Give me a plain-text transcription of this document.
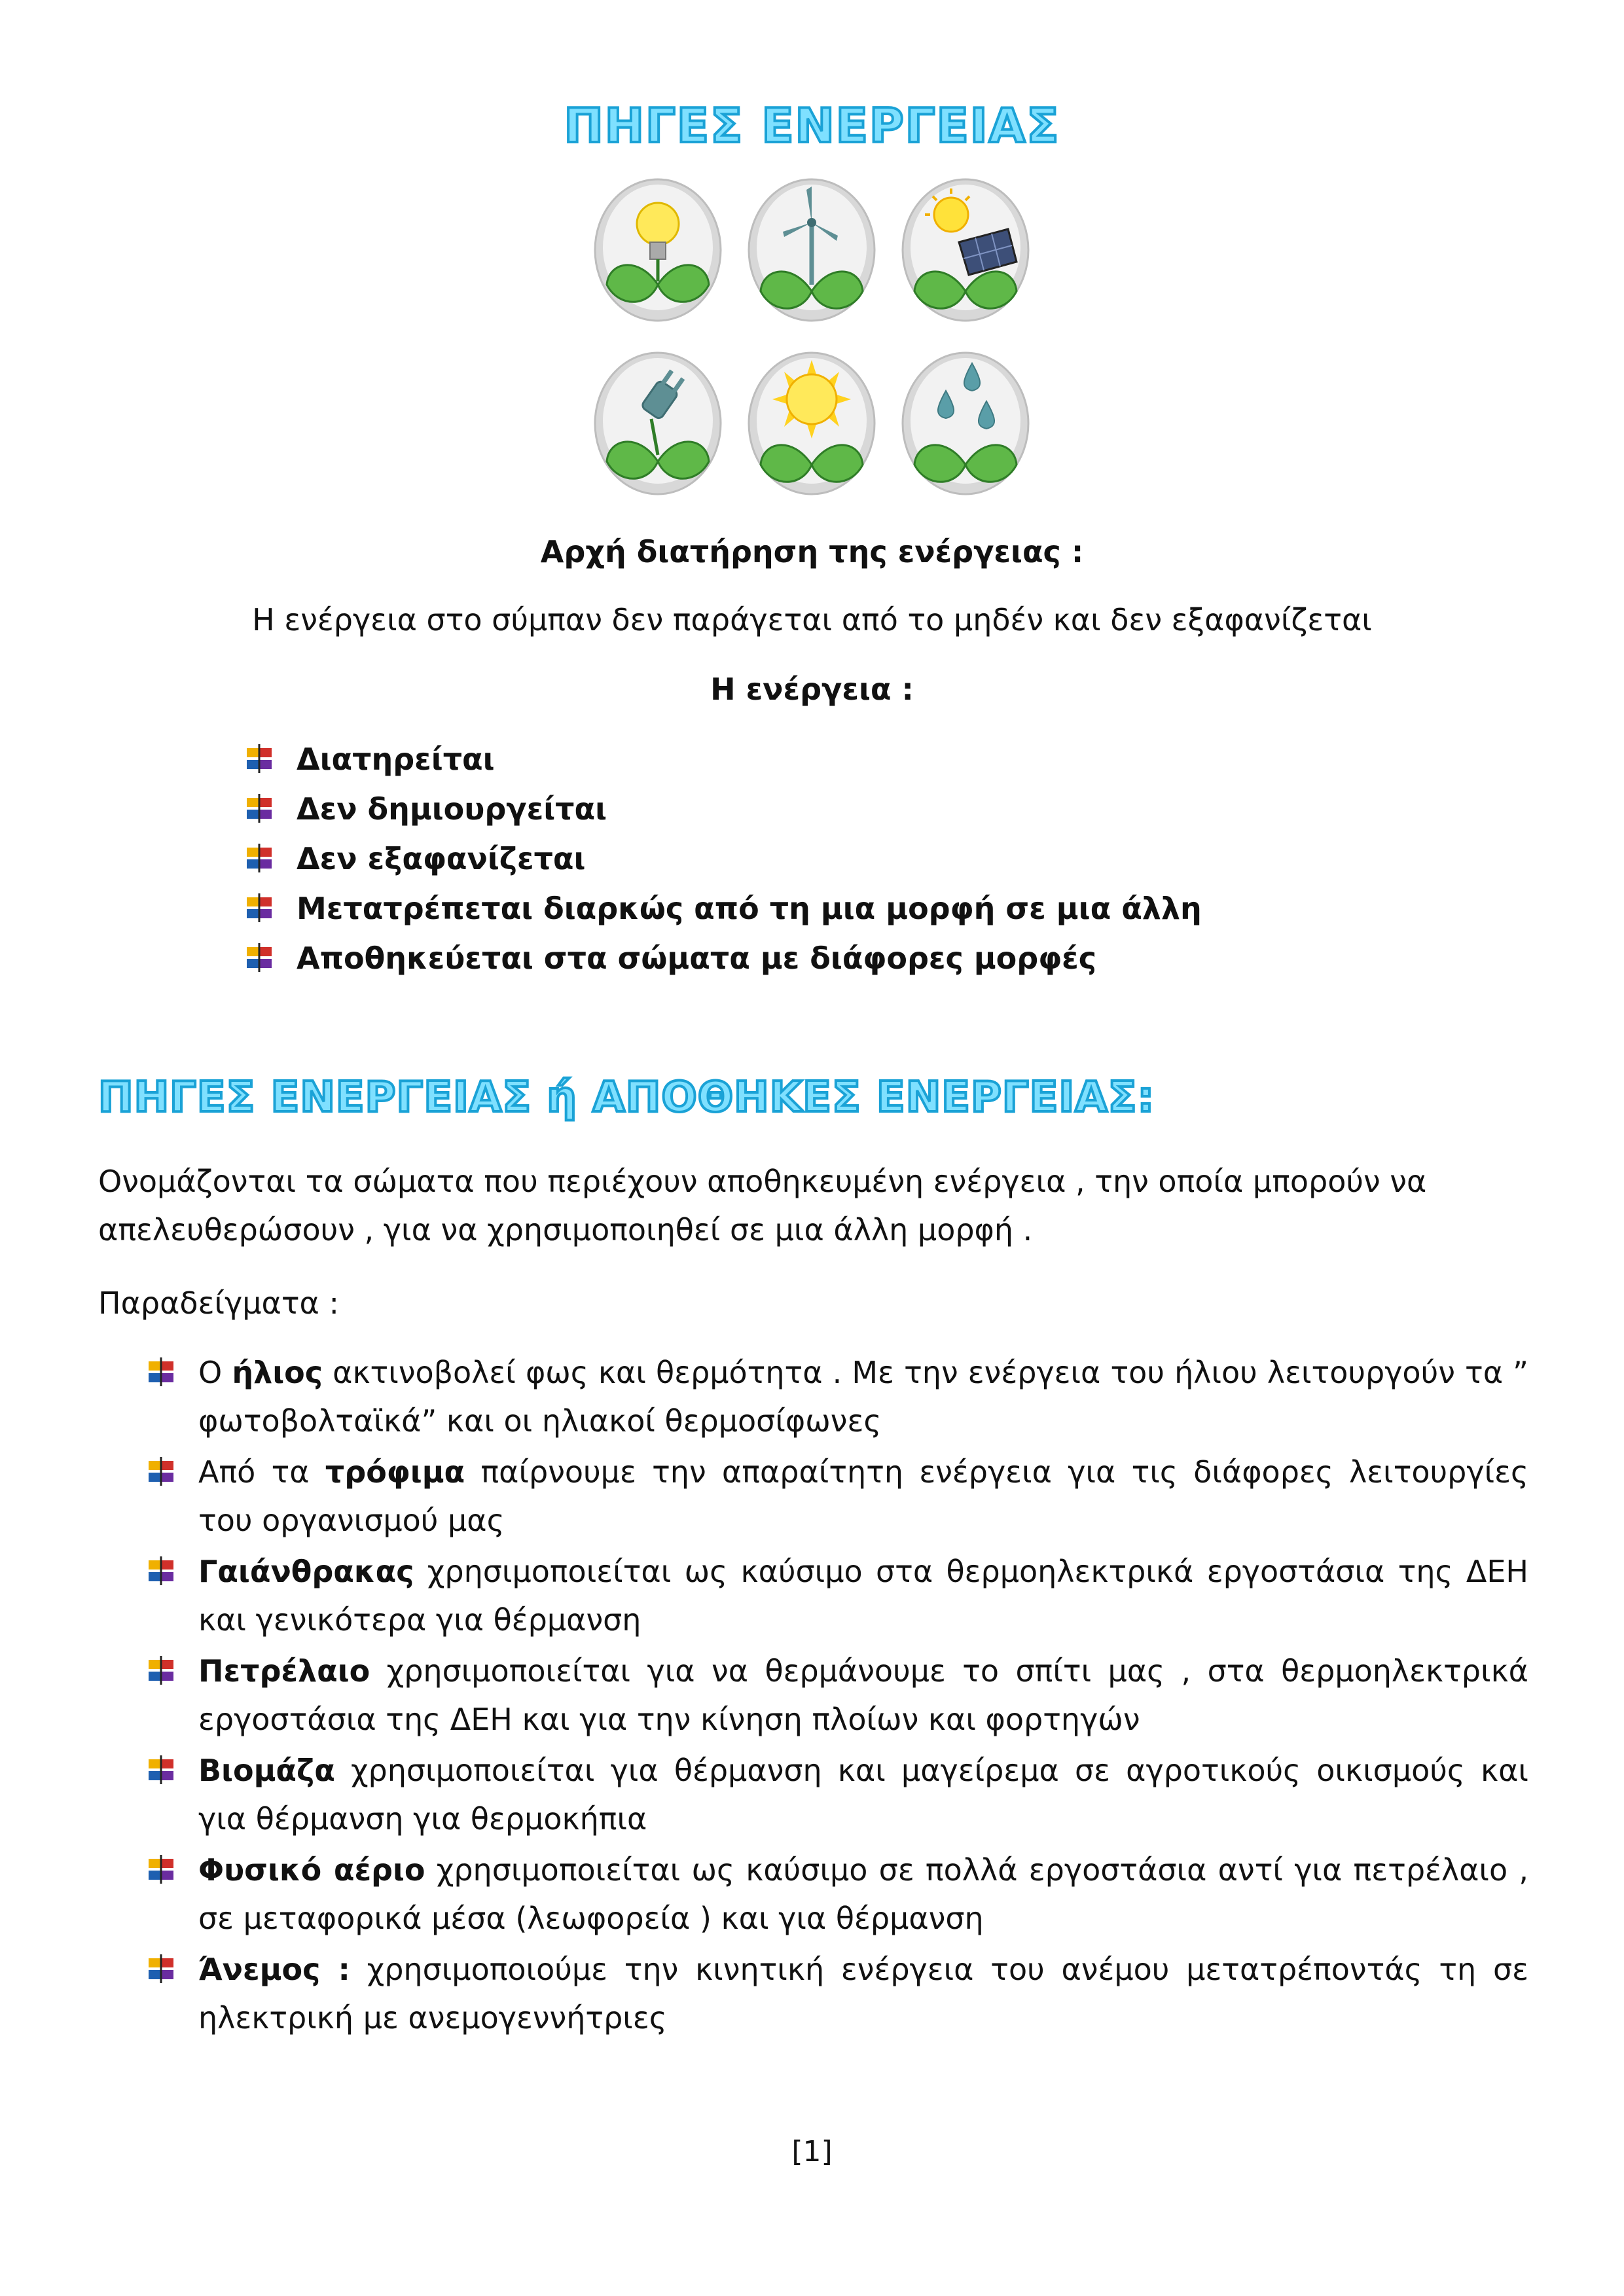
ΠΗΓΕΣ ΕΝΕΡΓΕΙΑΣ
Αρχή διατήρηση της ενέργειας :
Η ενέργεια στο σύμπαν δεν παράγεται από το μηδέν και δεν εξαφανίζεται
Η ενέργεια :
Διατηρείται
Δεν δημιουργείται
Δεν εξαφανίζεται
Μετατρέπεται διαρκώς από τη μια μορφή σε μια άλλη
Αποθηκεύεται στα σώματα με διάφορες μορφές
ΠΗΓΕΣ ΕΝΕΡΓΕΙΑΣ ή ΑΠΟΘΗΚΕΣ ΕΝΕΡΓΕΙΑΣ:
Ονομάζονται τα σώματα που περιέχουν αποθηκευμένη ενέργεια , την οποία μπορούν να
απελευθερώσουν , για να χρησιμοποιηθεί σε μια άλλη μορφή .
Παραδείγματα :
Ο ήλιος ακτινοβολεί φως και θερμότητα . Με την ενέργεια του ήλιου λειτουργούν τα ” φωτοβολταϊκά” και οι ηλιακοί θερμοσίφωνες
Από τα τρόφιμα παίρνουμε την απαραίτητη ενέργεια για τις διάφορες λειτουργίες του οργανισμού μας
Γαιάνθρακας χρησιμοποιείται ως καύσιμο στα θερμοηλεκτρικά εργοστάσια της ΔΕΗ και γενικότερα για θέρμανση
Πετρέλαιο χρησιμοποιείται για να θερμάνουμε το σπίτι μας , στα θερμοηλεκτρικά εργοστάσια της ΔΕΗ και για την κίνηση πλοίων και φορτηγών
Βιομάζα χρησιμοποιείται για θέρμανση και μαγείρεμα σε αγροτικούς οικισμούς και για θέρμανση για θερμοκήπια
Φυσικό αέριο χρησιμοποιείται ως καύσιμο σε πολλά εργοστάσια αντί για πετρέλαιο , σε μεταφορικά μέσα (λεωφορεία ) και για θέρμανση
Άνεμος : χρησιμοποιούμε την κινητική ενέργεια του ανέμου μετατρέποντάς τη σε ηλεκτρική με ανεμογεννήτριες
[1]
